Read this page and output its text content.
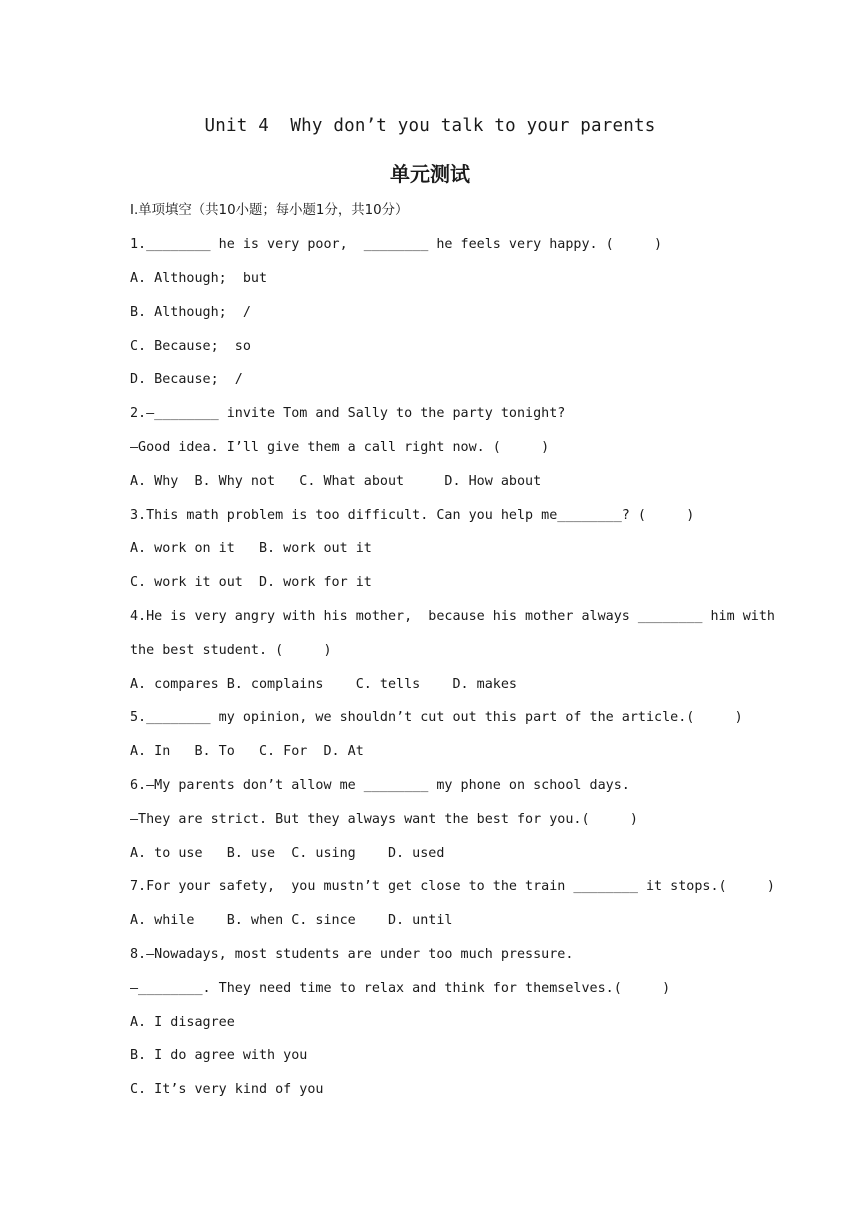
Unit 4  Why don’t you talk to your parents
单元测试
Ⅰ.单项填空（共10小题；每小题1分，共10分）
1.________ he is very poor,  ________ he feels very happy. (     )
A. Although;  but
B. Although;  /
C. Because;  so
D. Because;  /
2.—________ invite Tom and Sally to the party tonight?
—Good idea. I’ll give them a call right now. (     )
A. Why  B. Why not   C. What about     D. How about
3.This math problem is too difficult. Can you help me________? (     )
A. work on it   B. work out it
C. work it out  D. work for it
4.He is very angry with his mother,  because his mother always ________ him with
the best student. (     )
A. compares B. complains    C. tells    D. makes
5.________ my opinion, we shouldn’t cut out this part of the article.(     )
A. In   B. To   C. For  D. At
6.—My parents don’t allow me ________ my phone on school days.
—They are strict. But they always want the best for you.(     )
A. to use   B. use  C. using    D. used
7.For your safety,  you mustn’t get close to the train ________ it stops.(     )
A. while    B. when C. since    D. until
8.—Nowadays, most students are under too much pressure.
—________. They need time to relax and think for themselves.(     )
A. I disagree
B. I do agree with you
C. It’s very kind of you
